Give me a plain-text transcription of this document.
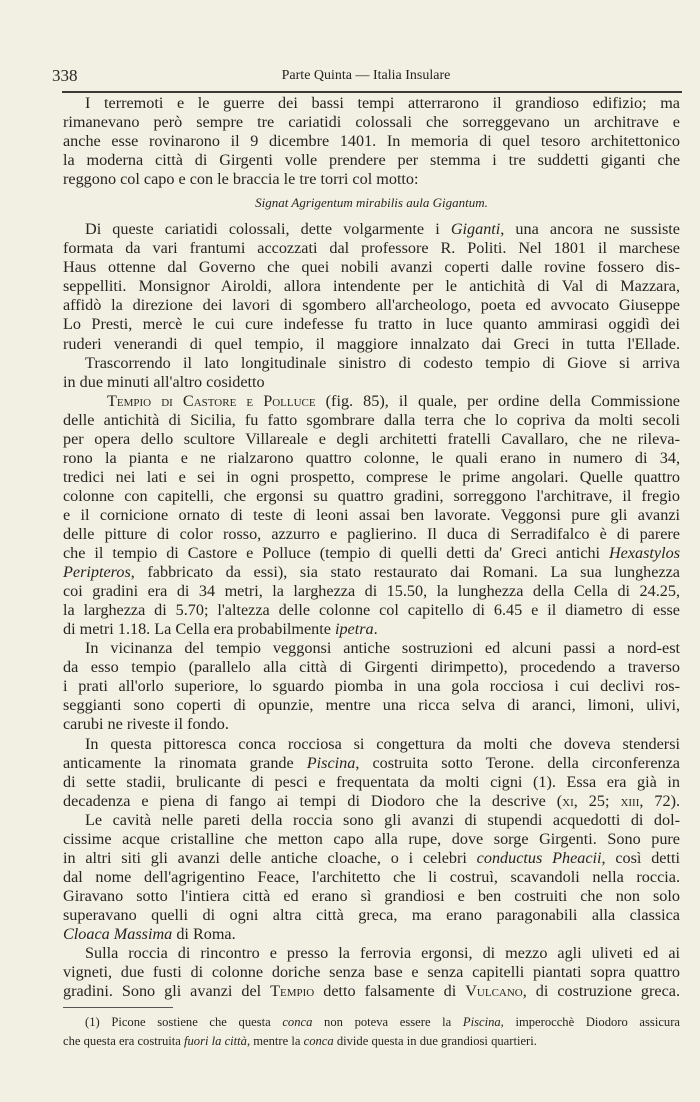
338	Parte Quinta — Italia Insulare
I terremoti e le guerre dei bassi tempi atterrarono il grandioso edifizio; ma
rimanevano però sempre tre cariatidi colossali che sorreggevano un architrave e
anche esse rovinarono il 9 dicembre 1401. In memoria di quel tesoro architettonico
la moderna città di Girgenti volle prendere per stemma i tre suddetti giganti che
reggono col capo e con le braccia le tre torri col motto:
Signat Agrigentum mirabilis aula Gigantum.
Di queste cariatidi colossali, dette volgarmente i Giganti, una ancora ne sussiste
formata da vari frantumi accozzati dal professore R. Politi. Nel 1801 il marchese
Haus ottenne dal Governo che quei nobili avanzi coperti dalle rovine fossero dis-
seppelliti. Monsignor Airoldi, allora intendente per le antichità di Val di Mazzara,
affidò la direzione dei lavori di sgombero all'archeologo, poeta ed avvocato Giuseppe
Lo Presti, mercè le cui cure indefesse fu tratto in luce quanto ammirasi oggidì dei
ruderi venerandi di quel tempio, il maggiore innalzato dai Greci in tutta l'Ellade.
Trascorrendo il lato longitudinale sinistro di codesto tempio di Giove si arriva
in due minuti all'altro cosidetto
Tempio di Castore e Polluce (fig. 85), il quale, per ordine della Commissione
delle antichità di Sicilia, fu fatto sgombrare dalla terra che lo copriva da molti secoli
per opera dello scultore Villareale e degli architetti fratelli Cavallaro, che ne rileva-
rono la pianta e ne rialzarono quattro colonne, le quali erano in numero di 34,
tredici nei lati e sei in ogni prospetto, comprese le prime angolari. Quelle quattro
colonne con capitelli, che ergonsi su quattro gradini, sorreggono l'architrave, il fregio
e il cornicione ornato di teste di leoni assai ben lavorate. Veggonsi pure gli avanzi
delle pitture di color rosso, azzurro e paglierino. Il duca di Serradifalco è di parere
che il tempio di Castore e Polluce (tempio di quelli detti da' Greci antichi Hexastylos
Peripteros, fabbricato da essi), sia stato restaurato dai Romani. La sua lunghezza
coi gradini era di 34 metri, la larghezza di 15.50, la lunghezza della Cella di 24.25,
la larghezza di 5.70; l'altezza delle colonne col capitello di 6.45 e il diametro di esse
di metri 1.18. La Cella era probabilmente ipetra.
In vicinanza del tempio veggonsi antiche sostruzioni ed alcuni passi a nord-est
da esso tempio (parallelo alla città di Girgenti dirimpetto), procedendo a traverso
i prati all'orlo superiore, lo sguardo piomba in una gola rocciosa i cui declivi ros-
seggianti sono coperti di opunzie, mentre una ricca selva di aranci, limoni, ulivi,
carubi ne riveste il fondo.
In questa pittoresca conca rocciosa si congettura da molti che doveva stendersi
anticamente la rinomata grande Piscina, costruita sotto Terone. della circonferenza
di sette stadii, brulicante di pesci e frequentata da molti cigni (1). Essa era già in
decadenza e piena di fango ai tempi di Diodoro che la descrive (xi, 25; xiii, 72).
Le cavità nelle pareti della roccia sono gli avanzi di stupendi acquedotti di dol-
cissime acque cristalline che metton capo alla rupe, dove sorge Girgenti. Sono pure
in altri siti gli avanzi delle antiche cloache, o i celebri conductus Pheacii, così detti
dal nome dell'agrigentino Feace, l'architetto che li costruì, scavandoli nella roccia.
Giravano sotto l'intiera città ed erano sì grandiosi e ben costruiti che non solo
superavano quelli di ogni altra città greca, ma erano paragonabili alla classica
Cloaca Massima di Roma.
Sulla roccia di rincontro e presso la ferrovia ergonsi, di mezzo agli uliveti ed ai
vigneti, due fusti di colonne doriche senza base e senza capitelli piantati sopra quattro
gradini. Sono gli avanzi del Tempio detto falsamente di Vulcano, di costruzione greca.
(1) Picone sostiene che questa conca non poteva essere la Piscina, imperocchè Diodoro assicura
che questa era costruita fuori la città, mentre la conca divide questa in due grandiosi quartieri.
